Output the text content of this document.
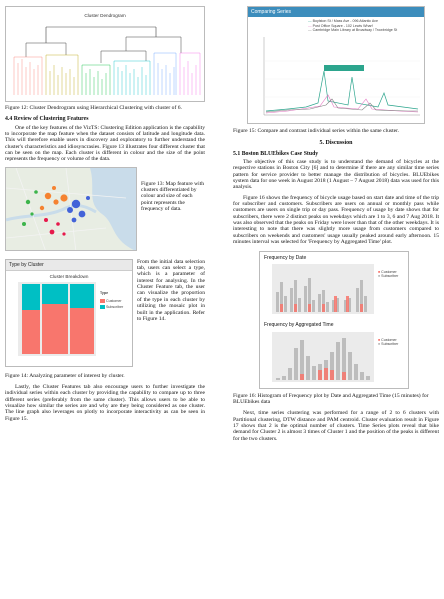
Cluster Dendrogram

Figure 12: Cluster Dendrogram using Hierarchical Clustering with cluster of 6.

4.4 Review of Clustering Features

One of the key features of the VizTS: Clustering Edition application is the capability to incorporate the map feature when the dataset consists of latitude and longitude data. This will therefore enable users in discovery and exploratory to further understand the cluster's characteristics and idiosyncrasies. Figure 13 illustrates four different cluster that can be seen on the map. Each cluster is different in colour and the size of the point represents the frequency or volume of the data.

Figure 13: Map feature with clusters differentiated by colour and size of each point represents the frequency of data.

Type by Cluster
Cluster Breakdown
Type
Customer
Subscriber

From the initial data selection tab, users can select a type, which is a parameter of interest for analysing. In the Cluster Feature tab, the user can visualize the proportion of the type in each cluster by utilizing the mosaic plot in built in the application. Refer to Figure 14.

Figure 14: Analyzing parameter of interest by cluster.

Lastly, the Cluster Features tab also encourage users to further investigate the individual series within each cluster by providing the capability to compare up to three different series (preferably from the same cluster). This allows users to be able to visualize how similar the series are and why are they being considered as one cluster. The line graph also leverages on plotly to incorporate interactivity as can be seen in Figure 15.

Comparing Series
— Boylston St / Mass Ave - 096 Atlantic Ave
— Post Office Square - 102 Lewis Wharf
— Cambridge Main Library at Broadway / Trowbridge St

Figure 15: Compare and contrast individual series within the same cluster.

5. Discussion
5.1 Boston BLUEbikes Case Study

The objective of this case study is to understand the demand of bicycles at the respective stations in Boston City [6] and to determine if there are any similar time series pattern for service provider to better manage the distribution of bicycles. BLUEbikes system data for one week in August 2018 (1 August – 7 August 2018) data was used for this analysis.

Figure 16 shows the frequency of bicycle usage based on start date and time of the trip for subscriber and customers. Subscribers are users on annual or monthly pass while customers are users on single trip or day pass. Frequency of usage by date shows that for subscribers, there were 2 distinct peaks on weekdays which are 1 to 3, 6 and 7 Aug 2018. It was also observed that the peaks on Friday were lower than that of the other weekdays. It is interesting to note that there was slightly more usage from customers compared to subscribers on weekends and customers' usage usually peaked around early afternoon. 15 minutes interval was selected for 'Frequency by Aggregated Time' plot.

Frequency by Date
Frequency by Aggregated Time
■ Customer
■ Subscriber
■ Customer
■ Subscriber

Figure 16: Histogram of Frequency plot by Date and Aggregated Time (15 minutes) for BLUEbikes data

Next, time series clustering was performed for a range of 2 to 6 clusters with Partitional clustering, DTW distance and PAM centroid. Cluster evaluation result in Figure 17 shows that 2 is the optimal number of clusters. Time Series plots reveal that bike demand for Cluster 2 is almost 3 times of Cluster 1 and the position of the peaks is different for the two clusters.
